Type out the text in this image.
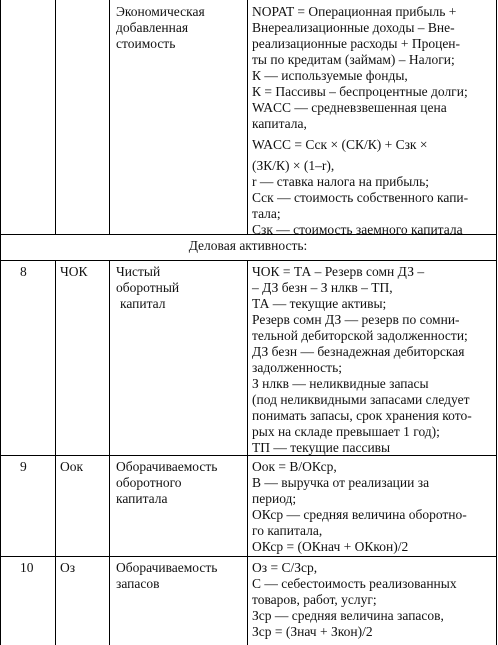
Экономическая
добавленная
стоимость
NOPAT = Операционная прибыль +
Внереализационные доходы – Вне-
реализационные расходы + Процен-
ты по кредитам (займам) – Налоги;
К — используемые фонды,
К = Пассивы – беспроцентные долги;
WACC — средневзвешенная цена
капитала,
WACC = Сск × (СК/К) + Сзк ×
(ЗК/К) × (1–r),
r — ставка налога на прибыль;
Сск — стоимость собственного капи-
тала;
Сзк — стоимость заемного капитала
Деловая активность:
8 ЧОК Чистый
оборотный
капитал
ЧОК = ТА – Резерв сомн ДЗ –
– ДЗ безн – З нлкв – ТП,
ТА — текущие активы;
Резерв сомн ДЗ — резерв по сомни-
тельной дебиторской задолженности;
ДЗ безн — безнадежная дебиторская
задолженность;
З нлкв — неликвидные запасы
(под неликвидными запасами следует
понимать запасы, срок хранения кото-
рых на складе превышает 1 год);
ТП — текущие пассивы
9 Оок Оборачиваемость
оборотного
капитала
Оок = В/ОКср,
В — выручка от реализации за
период;
ОКср — средняя величина оборотно-
го капитала,
ОКср = (ОКнач + ОКкон)/2
10 Оз	Оборачиваемость
запасов
Оз = С/Зср,
С — себестоимость реализованных
товаров, работ, услуг;
Зср — средняя величина запасов,
Зср = (Знач + Зкон)/2
